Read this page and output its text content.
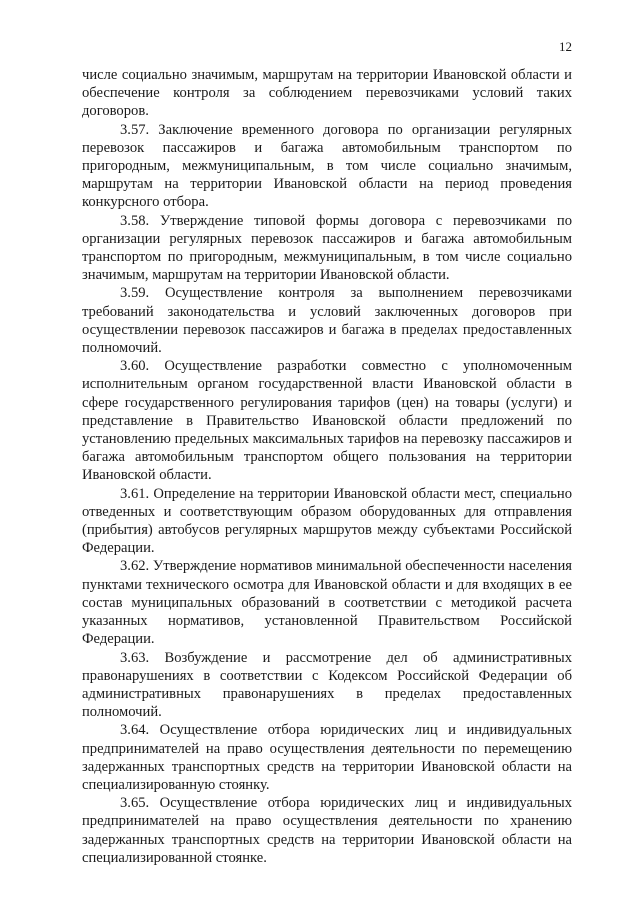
12

числе социально значимым, маршрутам на территории Ивановской области и обеспечение контроля за соблюдением перевозчиками условий таких договоров.

3.57. Заключение временного договора по организации регулярных перевозок пассажиров и багажа автомобильным транспортом по пригородным, межмуниципальным, в том числе социально значимым, маршрутам на территории Ивановской области на период проведения конкурсного отбора.

3.58. Утверждение типовой формы договора с перевозчиками по организации регулярных перевозок пассажиров и багажа автомобильным транспортом по пригородным, межмуниципальным, в том числе социально значимым, маршрутам на территории Ивановской области.

3.59. Осуществление контроля за выполнением перевозчиками требований законодательства и условий заключенных договоров при осуществлении перевозок пассажиров и багажа в пределах предоставленных полномочий.

3.60. Осуществление разработки совместно с уполномоченным исполнительным органом государственной власти Ивановской области в сфере государственного регулирования тарифов (цен) на товары (услуги) и представление в Правительство Ивановской области предложений по установлению предельных максимальных тарифов на перевозку пассажиров и багажа автомобильным транспортом общего пользования на территории Ивановской области.

3.61. Определение на территории Ивановской области мест, специально отведенных и соответствующим образом оборудованных для отправления (прибытия) автобусов регулярных маршрутов между субъектами Российской Федерации.

3.62. Утверждение нормативов минимальной обеспеченности населения пунктами технического осмотра для Ивановской области и для входящих в ее состав муниципальных образований в соответствии с методикой расчета указанных нормативов, установленной Правительством Российской Федерации.

3.63. Возбуждение и рассмотрение дел об административных правонарушениях в соответствии с Кодексом Российской Федерации об административных правонарушениях в пределах предоставленных полномочий.

3.64. Осуществление отбора юридических лиц и индивидуальных предпринимателей на право осуществления деятельности по перемещению задержанных транспортных средств на территории Ивановской области на специализированную стоянку.

3.65. Осуществление отбора юридических лиц и индивидуальных предпринимателей на право осуществления деятельности по хранению задержанных транспортных средств на территории Ивановской области на специализированной стоянке.
